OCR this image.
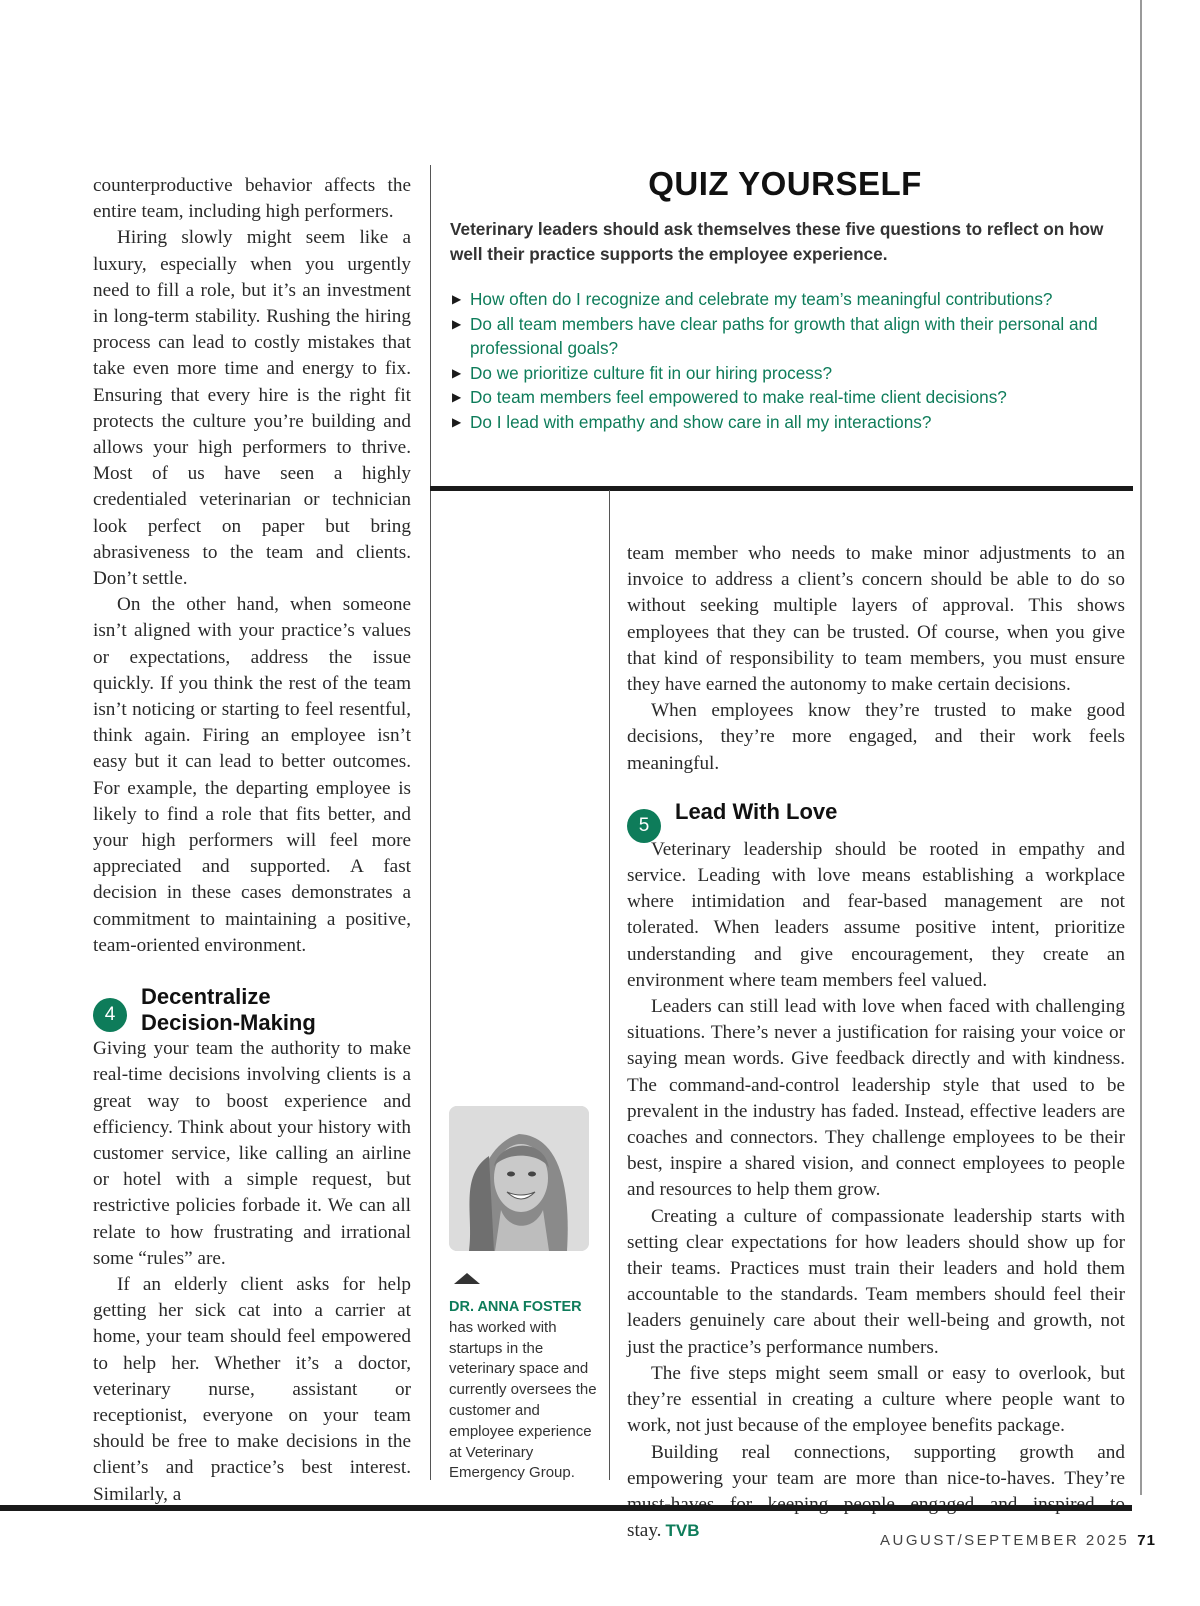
counterproductive behavior affects the entire team, including high performers.

Hiring slowly might seem like a luxury, especially when you urgently need to fill a role, but it’s an investment in long-term stability. Rushing the hiring process can lead to costly mistakes that take even more time and energy to fix. Ensuring that every hire is the right fit protects the culture you’re building and allows your high performers to thrive. Most of us have seen a highly credentialed veterinarian or technician look perfect on paper but bring abrasiveness to the team and clients. Don’t settle.

On the other hand, when someone isn’t aligned with your practice’s values or expectations, address the issue quickly. If you think the rest of the team isn’t noticing or starting to feel resentful, think again. Firing an employee isn’t easy but it can lead to better outcomes. For example, the departing employee is likely to find a role that fits better, and your high performers will feel more appreciated and supported. A fast decision in these cases demonstrates a commitment to maintaining a positive, team-oriented environment.

4
Decentralize
Decision-Making

Giving your team the authority to make real-time decisions involving clients is a great way to boost experience and efficiency. Think about your history with customer service, like calling an airline or hotel with a simple request, but restrictive policies forbade it. We can all relate to how frustrating and irrational some “rules” are.

If an elderly client asks for help getting her sick cat into a carrier at home, your team should feel empowered to help her. Whether it’s a doctor, veterinary nurse, assistant or receptionist, everyone on your team should be free to make decisions in the client’s and practice’s best interest. Similarly, a

QUIZ YOURSELF
Veterinary leaders should ask themselves these five questions to reflect on how well their practice supports the employee experience.
▶ How often do I recognize and celebrate my team’s meaningful contributions?
▶ Do all team members have clear paths for growth that align with their personal and professional goals?
▶ Do we prioritize culture fit in our hiring process?
▶ Do team members feel empowered to make real-time client decisions?
▶ Do I lead with empathy and show care in all my interactions?
DR. ANNA FOSTER
has worked with startups in the veterinary space and currently oversees the customer and employee experience at Veterinary Emergency Group.

team member who needs to make minor adjustments to an invoice to address a client’s concern should be able to do so without seeking multiple layers of approval. This shows employees that they can be trusted. Of course, when you give that kind of responsibility to team members, you must ensure they have earned the autonomy to make certain decisions.

When employees know they’re trusted to make good decisions, they’re more engaged, and their work feels meaningful.

5
Lead With Love

Veterinary leadership should be rooted in empathy and service. Leading with love means establishing a workplace where intimidation and fear-based management are not tolerated. When leaders assume positive intent, prioritize understanding and give encouragement, they create an environment where team members feel valued.

Leaders can still lead with love when faced with challenging situations. There’s never a justification for raising your voice or saying mean words. Give feedback directly and with kindness. The command-and-control leadership style that used to be prevalent in the industry has faded. Instead, effective leaders are coaches and connectors. They challenge employees to be their best, inspire a shared vision, and connect employees to people and resources to help them grow.

Creating a culture of compassionate leadership starts with setting clear expectations for how leaders should show up for their teams. Practices must train their leaders and hold them accountable to the standards. Team members should feel their leaders genuinely care about their well-being and growth, not just the practice’s performance numbers.

The five steps might seem small or easy to overlook, but they’re essential in creating a culture where people want to work, not just because of the employee benefits package.

Building real connections, supporting growth and empowering your team are more than nice-to-haves. They’re stay. TVB

AUGUST/SEPTEMBER 2025 71
